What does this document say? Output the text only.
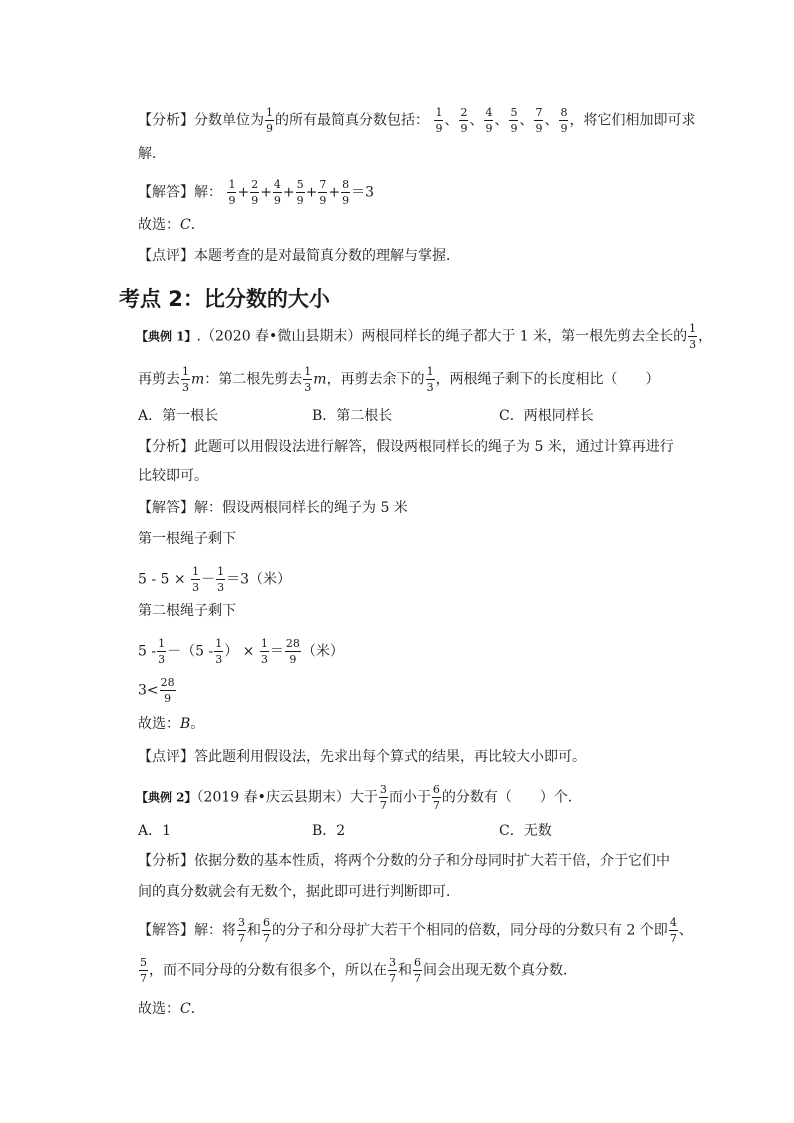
【分析】分数单位为 $\frac{1}{9}$ 的所有最简真分数包括： $\frac{1}{9}$ 、 $\frac{2}{9}$ 、 $\frac{4}{9}$ 、 $\frac{5}{9}$ 、 $\frac{7}{9}$ 、 $\frac{8}{9}$ ，将它们相加即可求
解．
【解答】解： $\frac{1}{9} + \frac{2}{9} + \frac{4}{9} + \frac{5}{9} + \frac{7}{9} + \frac{8}{9} =3$
故选：C．
【点评】本题考查的是对最简真分数的理解与掌握．
考点 2：比分数的大小
【典例 1】.（2020 春•微山县期末）两根同样长的绳子都大于 1 米，第一根先剪去全长的 $\frac{1}{3}$ ，
再剪去 $\frac{1}{3}$ m：第二根先剪去 $\frac{1}{3}$ m，再剪去余下的 $\frac{1}{3}$ ，两根绳子剩下的长度相比（　　）
A．第一根长	B．第二根长	C．两根同样长
【分析】此题可以用假设法进行解答，假设两根同样长的绳子为 5 米，通过计算再进行
比较即可。
【解答】解：假设两根同样长的绳子为 5 米
第一根绳子剩下
$5 - 5 \times \frac{1}{3} - \frac{1}{3} =3$（米）
第二根绳子剩下
$5 - \frac{1}{3} -(5 - \frac{1}{3}$ ） × $\frac{1}{3} = \frac{28}{9}$ （米）
$3< \frac{28}{9}$
故选：B。
【点评】答此题利用假设法，先求出每个算式的结果，再比较大小即可。
【典例 2】（2019 春•庆云县期末）大于 $\frac{3}{7}$ 而小于 $\frac{6}{7}$ 的分数有（　　）个．
A．1	B．2	C．无数
【分析】依据分数的基本性质，将两个分数的分子和分母同时扩大若干倍，介于它们中
间的真分数就会有无数个，据此即可进行判断即可．
【解答】解：将 $\frac{3}{7}$ 和 $\frac{6}{7}$ 的分子和分母扩大若干个相同的倍数，同分母的分数只有 2 个即 $\frac{4}{7}$ 、
$\frac{5}{7}$ ，而不同分母的分数有很多个，所以在 $\frac{3}{7}$ 和 $\frac{6}{7}$ 间会出现无数个真分数．
故选：C．
